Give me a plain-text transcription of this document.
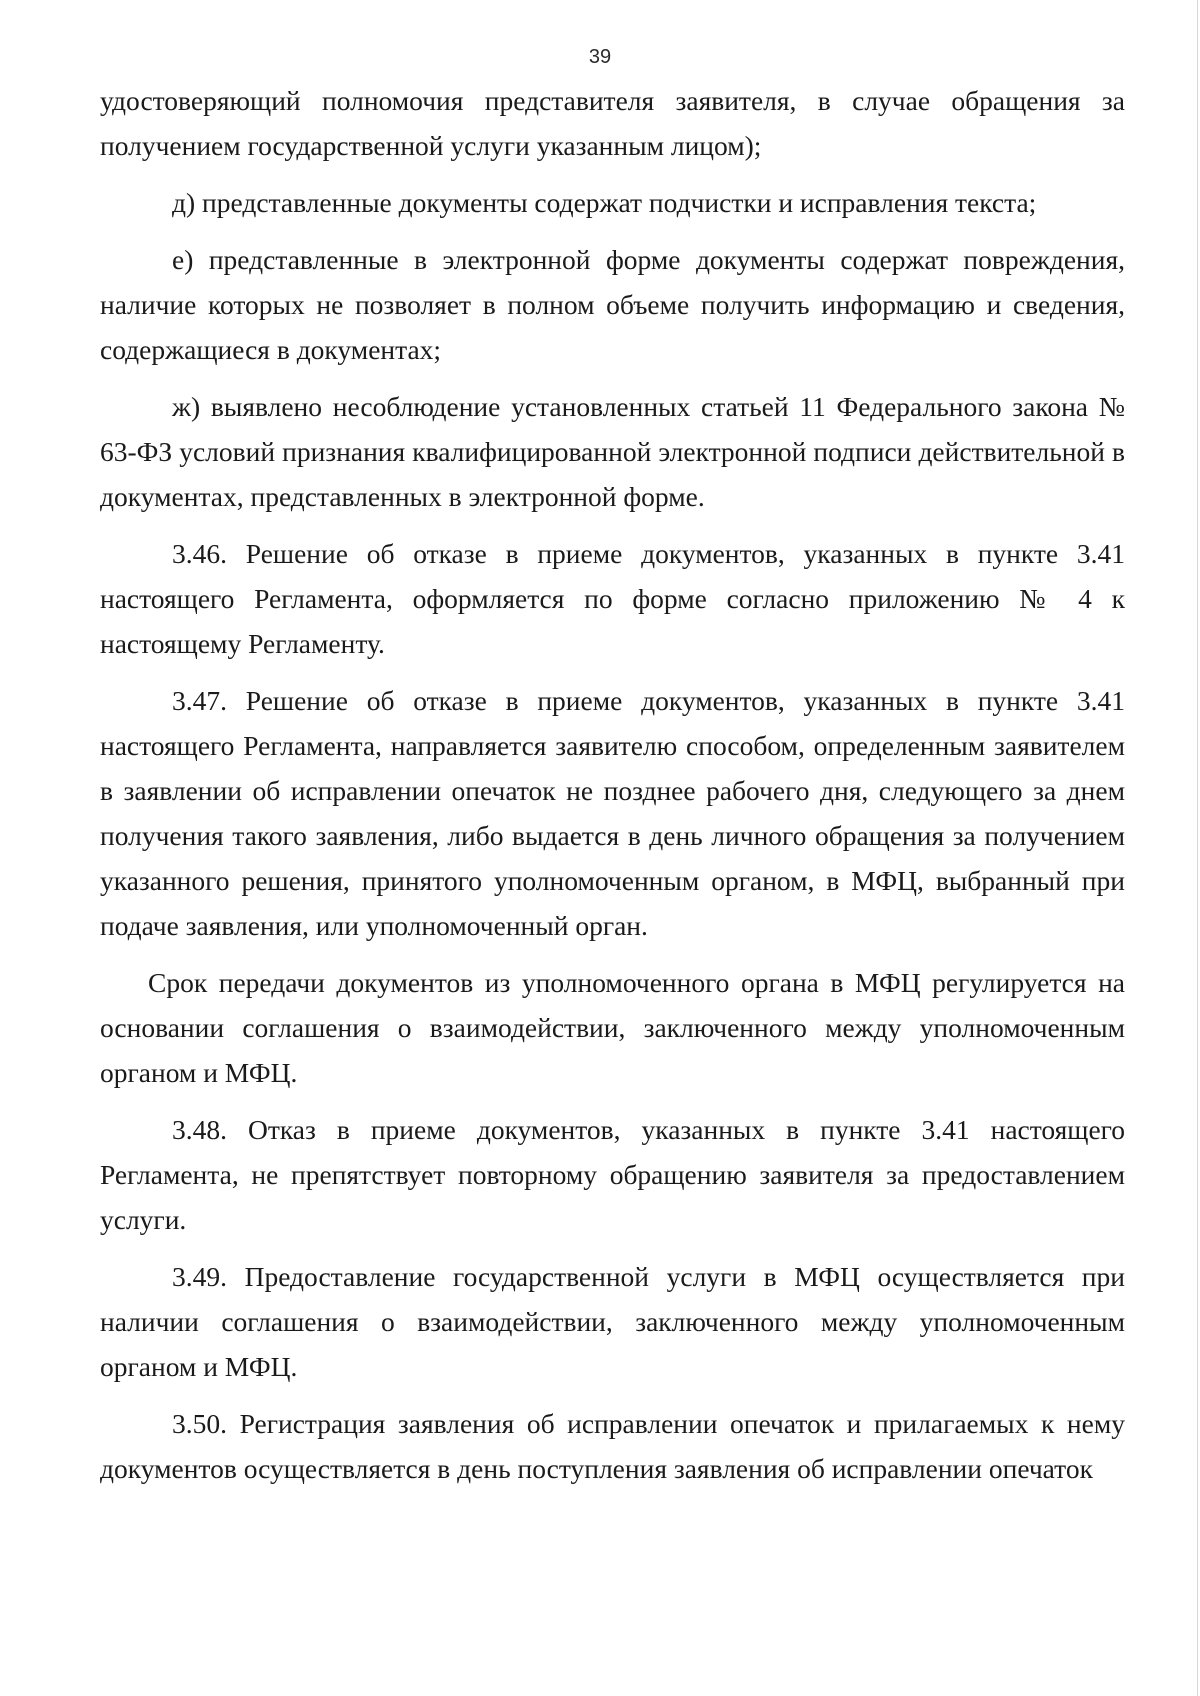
39

удостоверяющий полномочия представителя заявителя, в случае обращения за получением государственной услуги указанным лицом);

д) представленные документы содержат подчистки и исправления текста;

е) представленные в электронной форме документы содержат повреждения, наличие которых не позволяет в полном объеме получить информацию и сведения, содержащиеся в документах;

ж) выявлено несоблюдение установленных статьей 11 Федерального закона № 63-ФЗ условий признания квалифицированной электронной подписи действительной в документах, представленных в электронной форме.

3.46. Решение об отказе в приеме документов, указанных в пункте 3.41 настоящего Регламента, оформляется по форме согласно приложению № 4 к настоящему Регламенту.

3.47. Решение об отказе в приеме документов, указанных в пункте 3.41 настоящего Регламента, направляется заявителю способом, определенным заявителем в заявлении об исправлении опечаток не позднее рабочего дня, следующего за днем получения такого заявления, либо выдается в день личного обращения за получением указанного решения, принятого уполномоченным органом, в МФЦ, выбранный при подаче заявления, или уполномоченный орган.

Срок передачи документов из уполномоченного органа в МФЦ регулируется на основании соглашения о взаимодействии, заключенного между уполномоченным органом и МФЦ.

3.48. Отказ в приеме документов, указанных в пункте 3.41 настоящего Регламента, не препятствует повторному обращению заявителя за предоставлением услуги.

3.49. Предоставление государственной услуги в МФЦ осуществляется при наличии соглашения о взаимодействии, заключенного между уполномоченным органом и МФЦ.

3.50. Регистрация заявления об исправлении опечаток и прилагаемых к нему документов осуществляется в день поступления заявления об исправлении опечаток
